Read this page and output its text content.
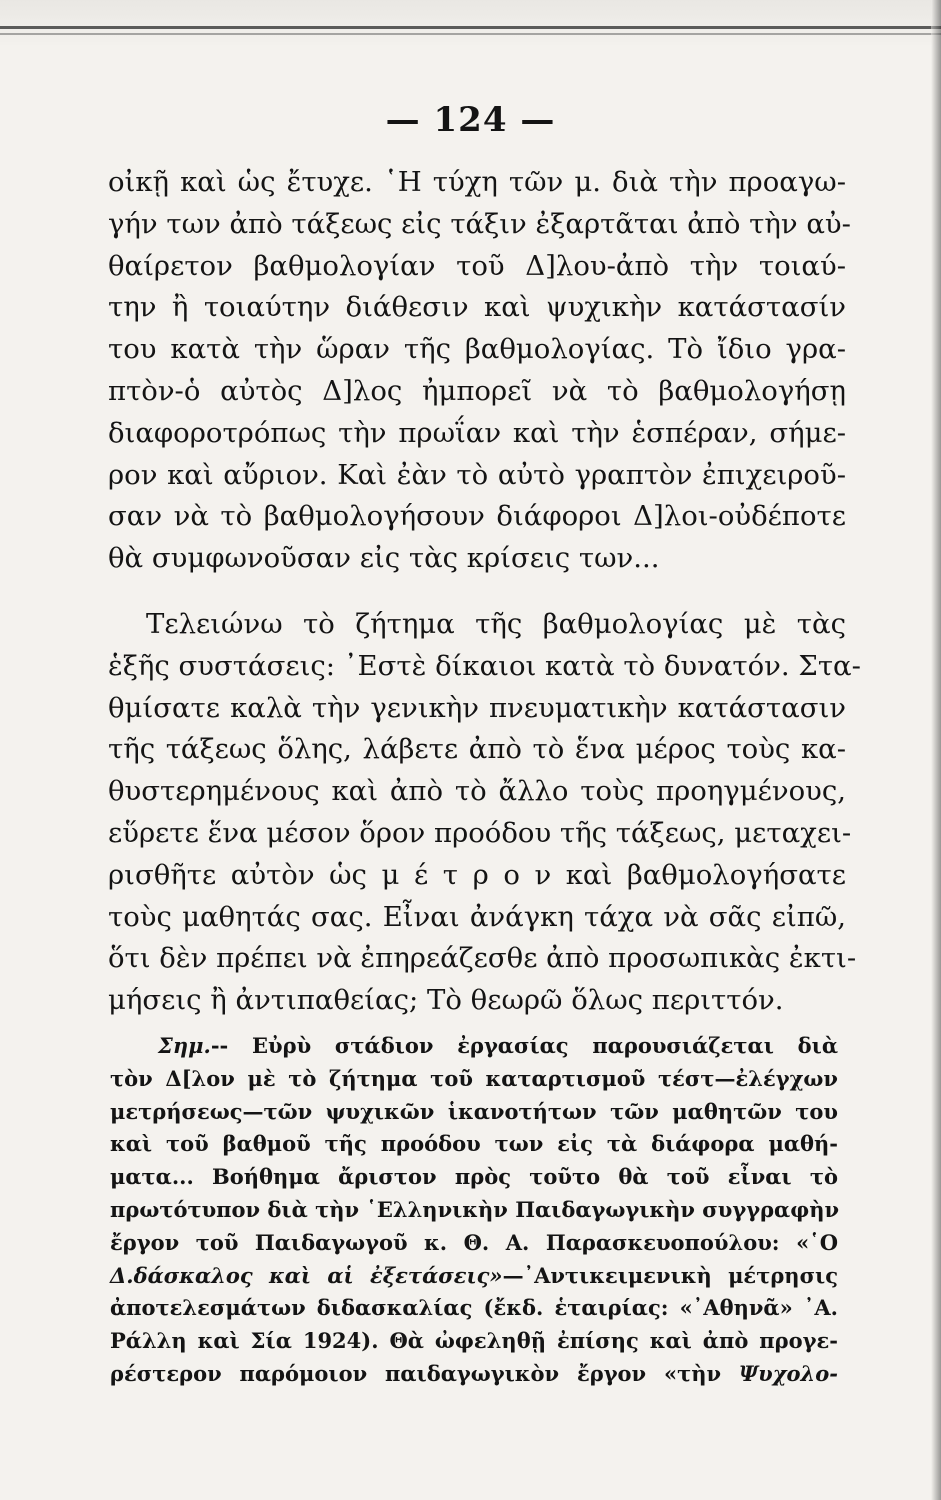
— 124 —
οἰκῇ καὶ ὡς ἔτυχε. ῾Η τύχη τῶν μ. διὰ τὴν προαγω-
γήν των ἀπὸ τάξεως εἰς τάξιν ἐξαρτᾶται ἀπὸ τὴν αὐ-
θαίρετον βαθμολογίαν τοῦ Δ]λου-ἀπὸ τὴν τοιαύ-
την ἢ τοιαύτην διάθεσιν καὶ ψυχικὴν κατάστασίν
του κατὰ τὴν ὥραν τῆς βαθμολογίας. Τὸ ἴδιο γρα-
πτὸν-ὁ αὐτὸς Δ]λος ἠμπορεῖ νὰ τὸ βαθμολογήσῃ
διαφοροτρόπως τὴν πρωΐαν καὶ τὴν ἑσπέραν, σήμε-
ρον καὶ αὔριον. Καὶ ἐὰν τὸ αὐτὸ γραπτὸν ἐπιχειροῦ-
σαν νὰ τὸ βαθμολογήσουν διάφοροι Δ]λοι-οὐδέποτε
θὰ συμφωνοῦσαν εἰς τὰς κρίσεις των...
Τελειώνω τὸ ζήτημα τῆς βαθμολογίας μὲ τὰς
ἑξῆς συστάσεις: ᾿Εστὲ δίκαιοι κατὰ τὸ δυνατόν. Στα-
θμίσατε καλὰ τὴν γενικὴν πνευματικὴν κατάστασιν
τῆς τάξεως ὅλης, λάβετε ἀπὸ τὸ ἕνα μέρος τοὺς κα-
θυστερημένους καὶ ἀπὸ τὸ ἄλλο τοὺς προηγμένους,
εὕρετε ἕνα μέσον ὅρον προόδου τῆς τάξεως, μεταχει-
ρισθῆτε αὐτὸν ὡς μ έ τ ρ ο ν καὶ βαθμολογήσατε
τοὺς μαθητάς σας. Εἶναι ἀνάγκη τάχα νὰ σᾶς εἰπῶ,
ὅτι δὲν πρέπει νὰ ἐπηρεάζεσθε ἀπὸ προσωπικὰς ἐκτι-
μήσεις ἢ ἀντιπαθείας; Τὸ θεωρῶ ὅλως περιττόν.
Σημ.-- Εὐρὺ στάδιον ἐργασίας παρουσιάζεται διὰ
τὸν Δ[λον μὲ τὸ ζήτημα τοῦ καταρτισμοῦ τέστ—ἐλέγχων
μετρήσεως—τῶν ψυχικῶν ἱκανοτήτων τῶν μαθητῶν του
καὶ τοῦ βαθμοῦ τῆς προόδου των εἰς τὰ διάφορα μαθή-
ματα... Βοήθημα ἄριστον πρὸς τοῦτο θὰ τοῦ εἶναι τὸ
πρωτότυπον διὰ τὴν ῾Ελληνικὴν Παιδαγωγικὴν συγγραφὴν
ἔργον τοῦ Παιδαγωγοῦ κ. Θ. Α. Παρασκευοπούλου: «῾Ο
Δ.δάσκαλος καὶ αἱ ἐξετάσεις»—᾿Αντικειμενικὴ μέτρησις
ἀποτελεσμάτων διδασκαλίας (ἔκδ. ἑταιρίας: «᾿Αθηνᾶ» ᾿Α.
Ράλλη καὶ Σία 1924). Θὰ ὠφεληθῇ ἐπίσης καὶ ἀπὸ προγε-
ρέστερον παρόμοιον παιδαγωγικὸν ἔργον «τὴν Ψυχολο-
